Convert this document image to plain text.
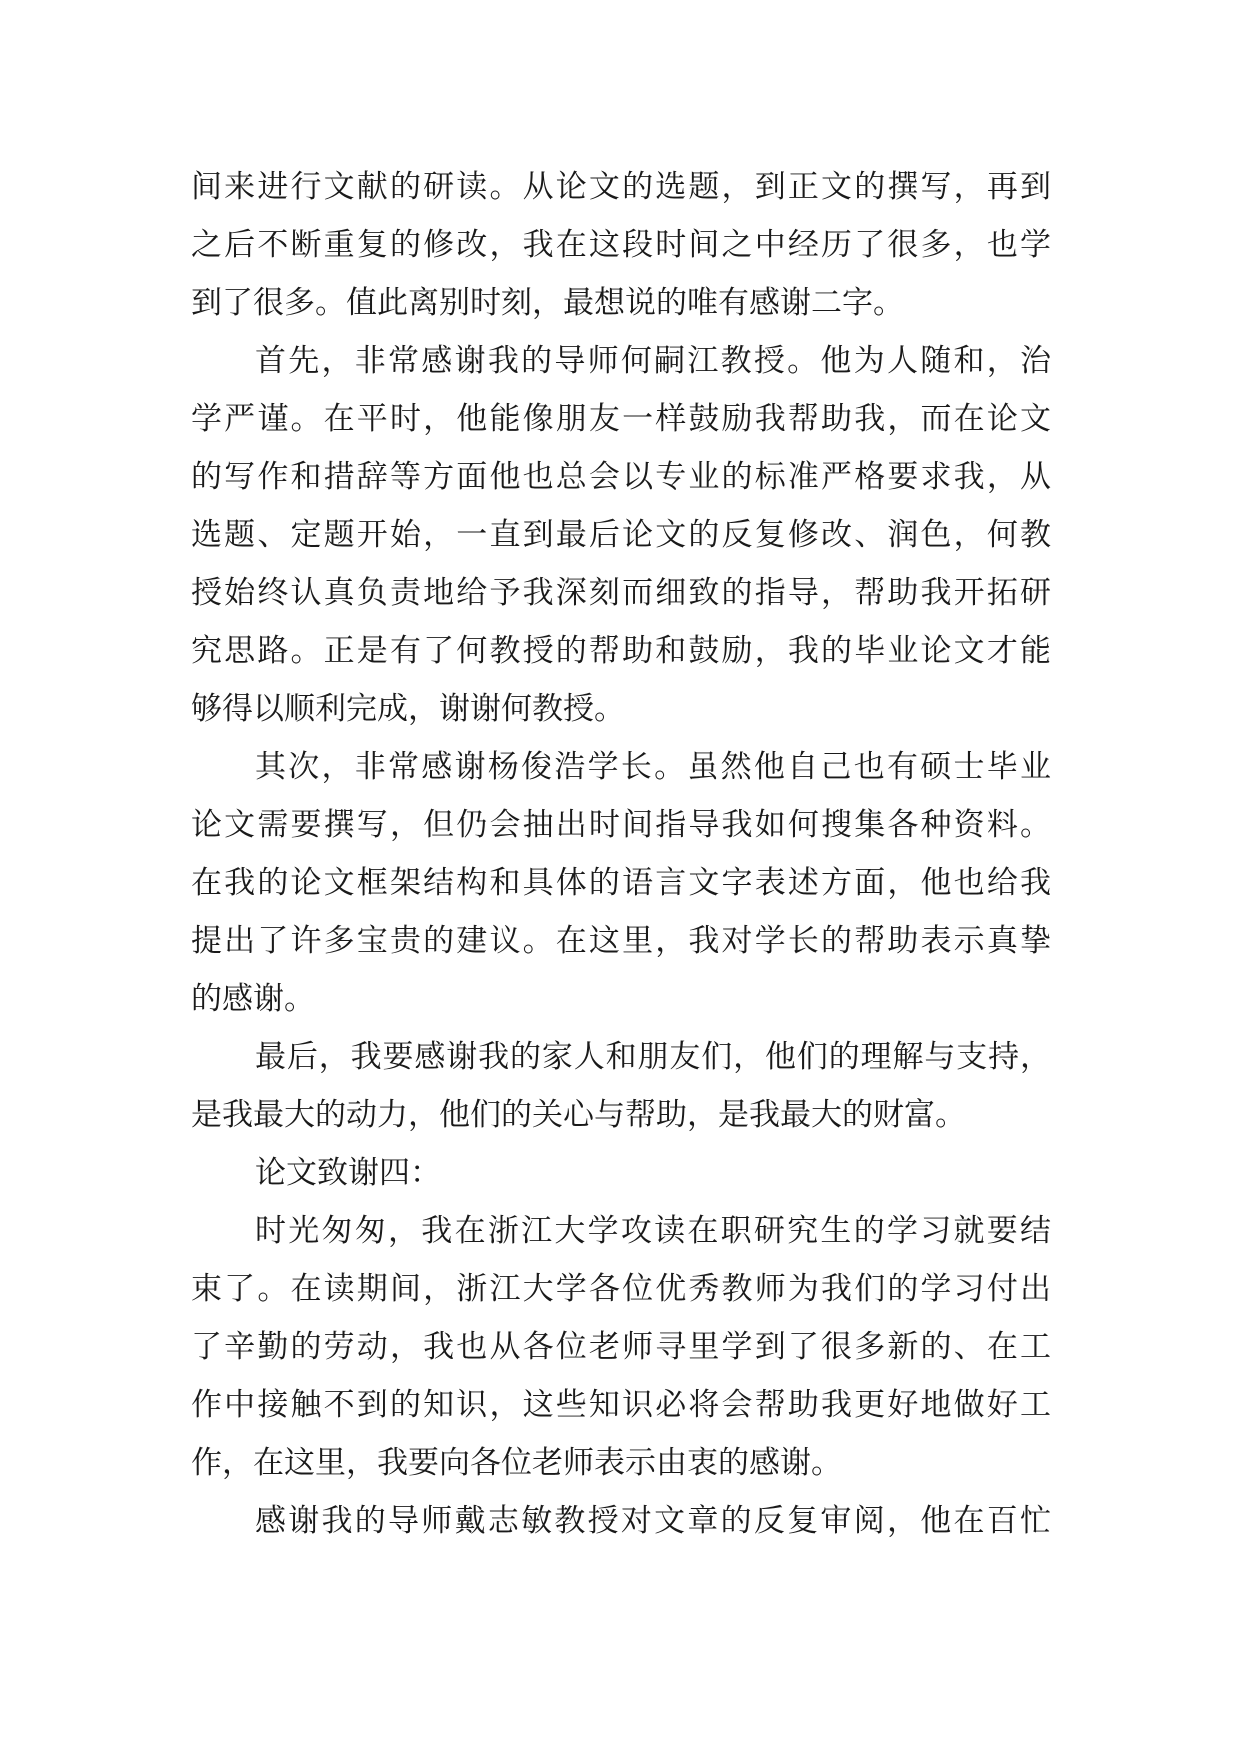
间来进行文献的研读。从论文的选题，到正文的撰写，再到
之后不断重复的修改，我在这段时间之中经历了很多，也学
到了很多。值此离别时刻，最想说的唯有感谢二字。
首先，非常感谢我的导师何嗣江教授。他为人随和，治
学严谨。在平时，他能像朋友一样鼓励我帮助我，而在论文
的写作和措辞等方面他也总会以专业的标准严格要求我，从
选题、定题开始，一直到最后论文的反复修改、润色，何教
授始终认真负责地给予我深刻而细致的指导，帮助我开拓研
究思路。正是有了何教授的帮助和鼓励，我的毕业论文才能
够得以顺利完成，谢谢何教授。
其次，非常感谢杨俊浩学长。虽然他自己也有硕士毕业
论文需要撰写，但仍会抽出时间指导我如何搜集各种资料。
在我的论文框架结构和具体的语言文字表述方面，他也给我
提出了许多宝贵的建议。在这里，我对学长的帮助表示真挚
的感谢。
最后，我要感谢我的家人和朋友们，他们的理解与支持，
是我最大的动力，他们的关心与帮助，是我最大的财富。
论文致谢四：
时光匆匆，我在浙江大学攻读在职研究生的学习就要结
束了。在读期间，浙江大学各位优秀教师为我们的学习付出
了辛勤的劳动，我也从各位老师寻里学到了很多新的、在工
作中接触不到的知识，这些知识必将会帮助我更好地做好工
作，在这里，我要向各位老师表示由衷的感谢。
感谢我的导师戴志敏教授对文章的反复审阅，他在百忙
